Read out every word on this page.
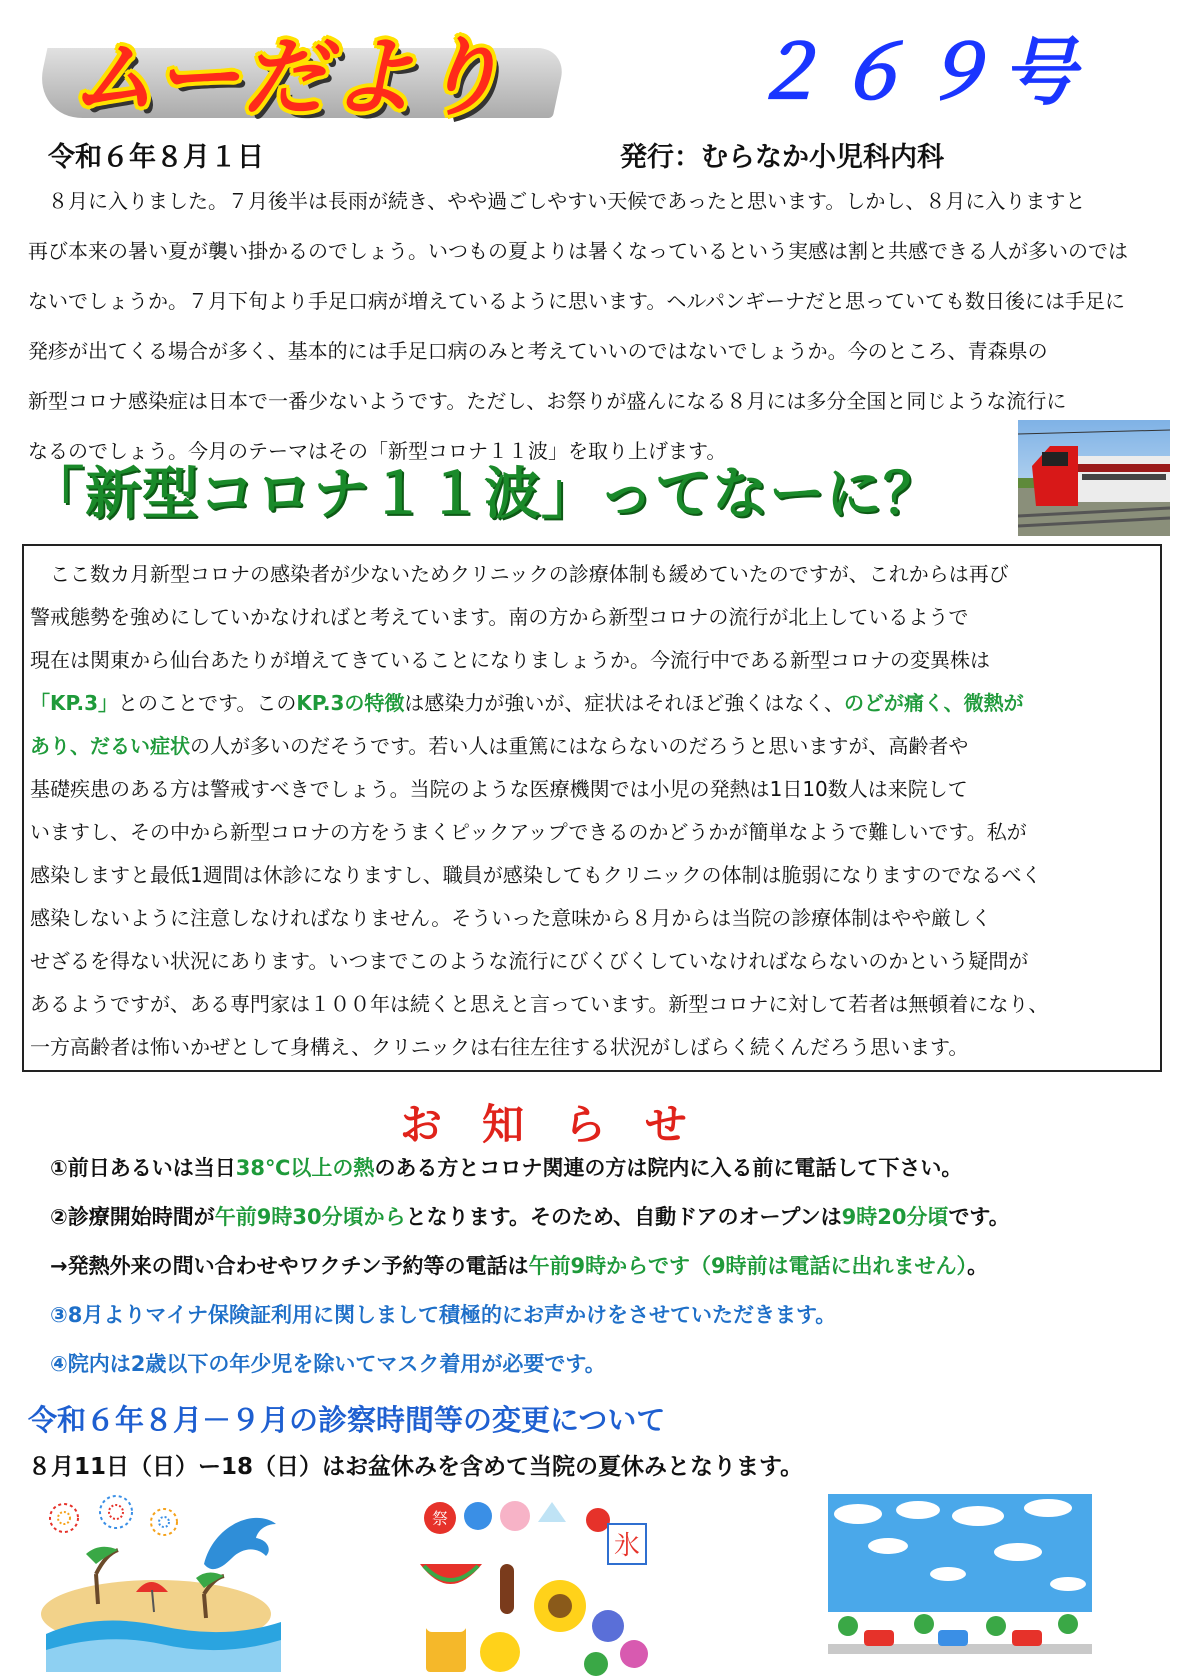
ムーだより	２６９号
令和６年８月１日	発行：むらなか小児科内科

　８月に入りました。７月後半は長雨が続き、やや過ごしやすい天候であったと思います。しかし、８月に入りますと

再び本来の暑い夏が襲い掛かるのでしょう。いつもの夏よりは暑くなっているという実感は割と共感できる人が多いのでは

ないでしょうか。７月下旬より手足口病が増えているように思います。ヘルパンギーナだと思っていても数日後には手足に

発疹が出てくる場合が多く、基本的には手足口病のみと考えていいのではないでしょうか。今のところ、青森県の

新型コロナ感染症は日本で一番少ないようです。ただし、お祭りが盛んになる８月には多分全国と同じような流行に

なるのでしょう。今月のテーマはその「新型コロナ１１波」を取り上げます。

「新型コロナ１１波」ってなーに？

　ここ数カ月新型コロナの感染者が少ないためクリニックの診療体制も緩めていたのですが、これからは再び

警戒態勢を強めにしていかなければと考えています。南の方から新型コロナの流行が北上しているようで

現在は関東から仙台あたりが増えてきていることになりましょうか。今流行中である新型コロナの変異株は

「KP.3」とのことです。このKP.3の特徴は感染力が強いが、症状はそれほど強くはなく、のどが痛く、微熱が

あり、だるい症状の人が多いのだそうです。若い人は重篤にはならないのだろうと思いますが、高齢者や

基礎疾患のある方は警戒すべきでしょう。当院のような医療機関では小児の発熱は1日10数人は来院して

いますし、その中から新型コロナの方をうまくピックアップできるのかどうかが簡単なようで難しいです。私が

感染しますと最低1週間は休診になりますし、職員が感染してもクリニックの体制は脆弱になりますのでなるべく

感染しないように注意しなければなりません。そういった意味から８月からは当院の診療体制はやや厳しく

せざるを得ない状況にあります。いつまでこのような流行にびくびくしていなければならないのかという疑問が

あるようですが、ある専門家は１００年は続くと思えと言っています。新型コロナに対して若者は無頓着になり、

一方高齢者は怖いかぜとして身構え、クリニックは右往左往する状況がしばらく続くんだろう思います。

お知らせ

①前日あるいは当日38℃以上の熱のある方とコロナ関連の方は院内に入る前に電話して下さい。

②診療開始時間が午前9時30分頃からとなります。そのため、自動ドアのオープンは9時20分頃です。

→発熱外来の問い合わせやワクチン予約等の電話は午前9時からです（9時前は電話に出れません）。

③8月よりマイナ保険証利用に関しまして積極的にお声かけをさせていただきます。

④院内は2歳以下の年少児を除いてマスク着用が必要です。

令和６年８月－９月の診察時間等の変更について
８月11日（日）ー18（日）はお盆休みを含めて当院の夏休みとなります。
祭
氷
